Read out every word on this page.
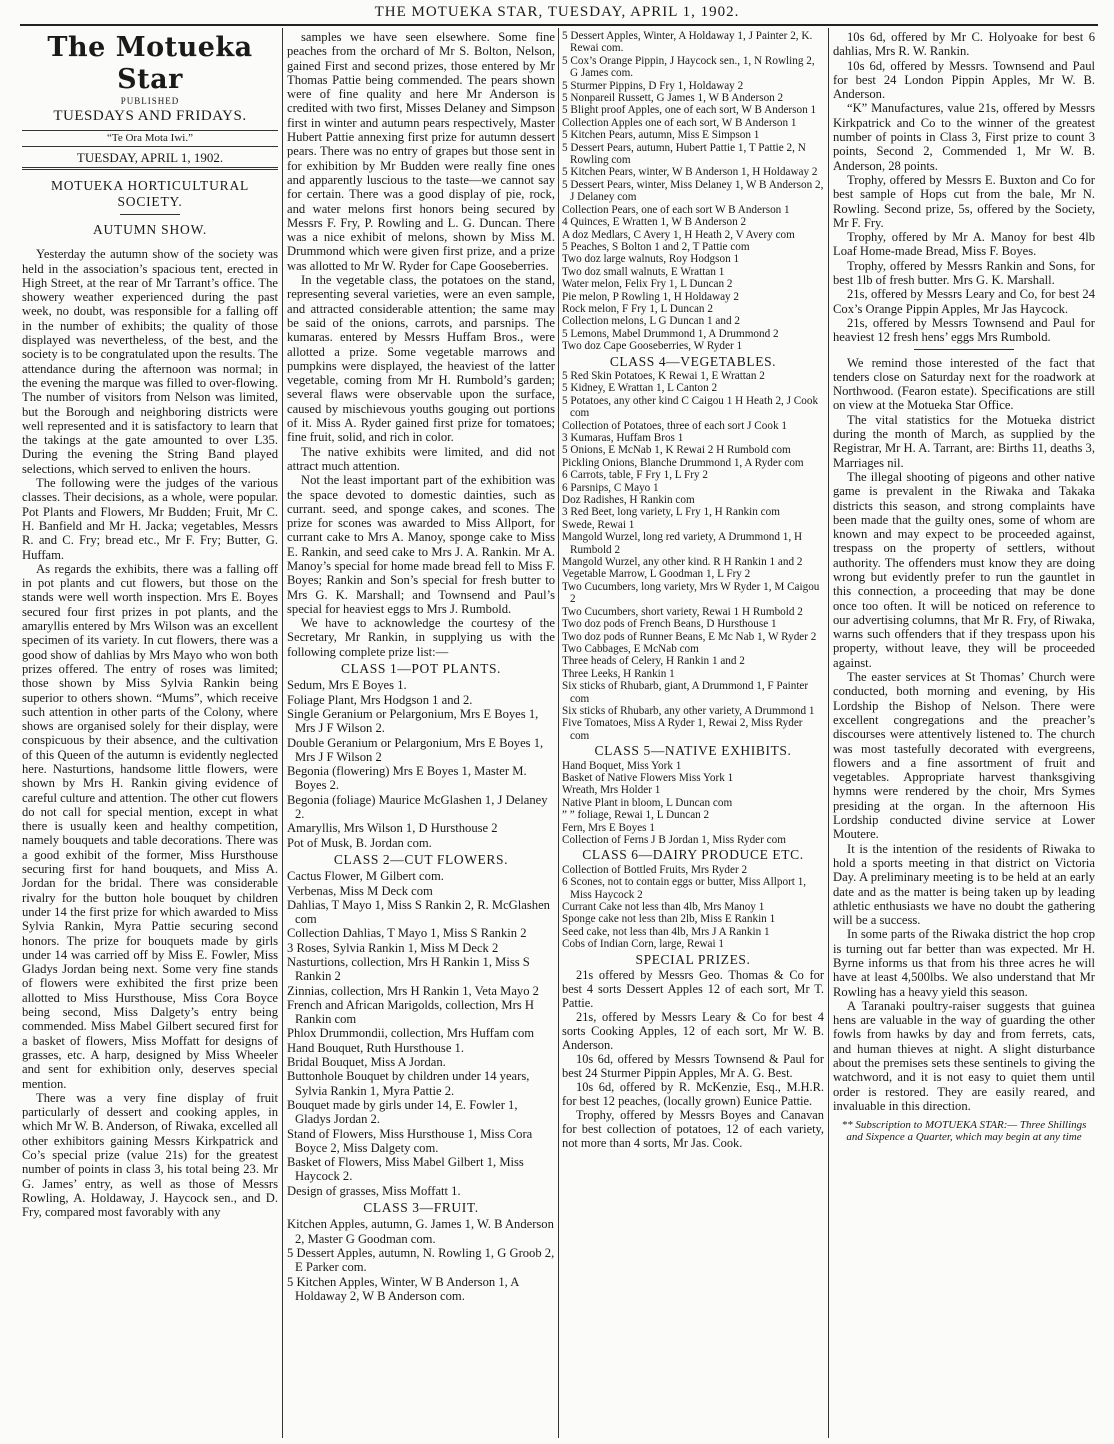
THE MOTUEKA STAR, TUESDAY, APRIL 1, 1902.
The Motueka Star
PUBLISHED
TUESDAYS AND FRIDAYS.
“Te Ora Mota Iwi.”
TUESDAY, APRIL 1, 1902.
MOTUEKA HORTICULTURAL SOCIETY.
AUTUMN SHOW.

Yesterday the autumn show of the society was held in the association’s spacious tent, erected in High Street, at the rear of Mr Tarrant’s office. The showery weather experienced during the past week, no doubt, was responsible for a falling off in the number of exhibits; the quality of those displayed was nevertheless, of the best, and the society is to be congratulated upon the results. The attendance during the afternoon was normal; in the evening the marque was filled to over-flowing. The number of visitors from Nelson was limited, but the Borough and neighboring districts were well represented and it is satisfactory to learn that the takings at the gate amounted to over L35. During the evening the String Band played selections, which served to enliven the hours.

The following were the judges of the various classes. Their decisions, as a whole, were popular. Pot Plants and Flowers, Mr Budden; Fruit, Mr C. H. Banfield and Mr H. Jacka; vegetables, Messrs R. and C. Fry; bread etc., Mr F. Fry; Butter, G. Huffam.

As regards the exhibits, there was a falling off in pot plants and cut flowers, but those on the stands were well worth inspection. Mrs E. Boyes secured four first prizes in pot plants, and the amaryllis entered by Mrs Wilson was an excellent specimen of its variety. In cut flowers, there was a good show of dahlias by Mrs Mayo who won both prizes offered. The entry of roses was limited; those shown by Miss Sylvia Rankin being superior to others shown. “Mums”, which receive such attention in other parts of the Colony, where shows are organised solely for their display, were conspicuous by their absence, and the cultivation of this Queen of the autumn is evidently neglected here. Nasturtions, handsome little flowers, were shown by Mrs H. Rankin giving evidence of careful culture and attention. The other cut flowers do not call for special mention, except in what there is usually keen and healthy competition, namely bouquets and table decorations. There was a good exhibit of the former, Miss Hursthouse securing first for hand bouquets, and Miss A. Jordan for the bridal. There was considerable rivalry for the button hole bouquet by children under 14 the first prize for which awarded to Miss Sylvia Rankin, Myra Pattie securing second honors. The prize for bouquets made by girls under 14 was carried off by Miss E. Fowler, Miss Gladys Jordan being next. Some very fine stands of flowers were exhibited the first prize been allotted to Miss Hursthouse, Miss Cora Boyce being second, Miss Dalgety’s entry being commended. Miss Mabel Gilbert secured first for a basket of flowers, Miss Moffatt for designs of grasses, etc. A harp, designed by Miss Wheeler and sent for exhibition only, deserves special mention.

There was a very fine display of fruit particularly of dessert and cooking apples, in which Mr W. B. Anderson, of Riwaka, excelled all other exhibitors gaining Messrs Kirkpatrick and Co’s special prize (value 21s) for the greatest number of points in class 3, his total being 23. Mr G. James’ entry, as well as those of Messrs Rowling, A. Holdaway, J. Haycock sen., and D. Fry, compared most favorably with any

samples we have seen elsewhere. Some fine peaches from the orchard of Mr S. Bolton, Nelson, gained First and second prizes, those entered by Mr Thomas Pattie being commended. The pears shown were of fine quality and here Mr Anderson is credited with two first, Misses Delaney and Simpson first in winter and autumn pears respectively, Master Hubert Pattie annexing first prize for autumn dessert pears. There was no entry of grapes but those sent in for exhibition by Mr Budden were really fine ones and apparently luscious to the taste—we cannot say for certain. There was a good display of pie, rock, and water melons first honors being secured by Messrs F. Fry, P. Rowling and L. G. Duncan. There was a nice exhibit of melons, shown by Miss M. Drummond which were given first prize, and a prize was allotted to Mr W. Ryder for Cape Gooseberries.

In the vegetable class, the potatoes on the stand, representing several varieties, were an even sample, and attracted considerable attention; the same may be said of the onions, carrots, and parsnips. The kumaras. entered by Messrs Huffam Bros., were allotted a prize. Some vegetable marrows and pumpkins were displayed, the heaviest of the latter vegetable, coming from Mr H. Rumbold’s garden; several flaws were observable upon the surface, caused by mischievous youths gouging out portions of it. Miss A. Ryder gained first prize for tomatoes; fine fruit, solid, and rich in color.

The native exhibits were limited, and did not attract much attention.

Not the least important part of the exhibition was the space devoted to domestic dainties, such as currant. seed, and sponge cakes, and scones. The prize for scones was awarded to Miss Allport, for currant cake to Mrs A. Manoy, sponge cake to Miss E. Rankin, and seed cake to Mrs J. A. Rankin. Mr A. Manoy’s special for home made bread fell to Miss F. Boyes; Rankin and Son’s special for fresh butter to Mrs G. K. Marshall; and Townsend and Paul’s special for heaviest eggs to Mrs J. Rumbold.

We have to acknowledge the courtesy of the Secretary, Mr Rankin, in supplying us with the following complete prize list:—

CLASS 1—POT PLANTS.

Sedum, Mrs E Boyes 1.

Foliage Plant, Mrs Hodgson 1 and 2.

Single Geranium or Pelargonium, Mrs E Boyes 1, Mrs J F Wilson 2.

Double Geranium or Pelargonium, Mrs E Boyes 1, Mrs J F Wilson 2

Begonia (flowering) Mrs E Boyes 1, Master M. Boyes 2.

Begonia (foliage) Maurice McGlashen 1, J Delaney 2.

Amaryllis, Mrs Wilson 1, D Hursthouse 2

Pot of Musk, B. Jordan com.

CLASS 2—CUT FLOWERS.

Cactus Flower, M Gilbert com.

Verbenas, Miss M Deck com

Dahlias, T Mayo 1, Miss S Rankin 2, R. McGlashen com

Collection Dahlias, T Mayo 1, Miss S Rankin 2

3 Roses, Sylvia Rankin 1, Miss M Deck 2

Nasturtions, collection, Mrs H Rankin 1, Miss S Rankin 2

Zinnias, collection, Mrs H Rankin 1, Veta Mayo 2

French and African Marigolds, collection, Mrs H Rankin com

Phlox Drummondii, collection, Mrs Huffam com

Hand Bouquet, Ruth Hursthouse 1.

Bridal Bouquet, Miss A Jordan.

Buttonhole Bouquet by children under 14 years, Sylvia Rankin 1, Myra Pattie 2.

Bouquet made by girls under 14, E. Fowler 1, Gladys Jordan 2.

Stand of Flowers, Miss Hursthouse 1, Miss Cora Boyce 2, Miss Dalgety com.

Basket of Flowers, Miss Mabel Gilbert 1, Miss Haycock 2.

Design of grasses, Miss Moffatt 1.

CLASS 3—FRUIT.

Kitchen Apples, autumn, G. James 1, W. B Anderson 2, Master G Goodman com.

5 Dessert Apples, autumn, N. Rowling 1, G Groob 2, E Parker com.

5 Kitchen Apples, Winter, W B Anderson 1, A Holdaway 2, W B Anderson com.

5 Dessert Apples, Winter, A Holdaway 1, J Painter 2, K. Rewai com.

5 Cox’s Orange Pippin, J Haycock sen., 1, N Rowling 2, G James com.

5 Sturmer Pippins, D Fry 1, Holdaway 2

5 Nonpareil Russett, G James 1, W B Anderson 2

5 Blight proof Apples, one of each sort, W B Anderson 1

Collection Apples one of each sort, W B Anderson 1

5 Kitchen Pears, autumn, Miss E Simpson 1

5 Dessert Pears, autumn, Hubert Pattie 1, T Pattie 2, N Rowling com

5 Kitchen Pears, winter, W B Anderson 1, H Holdaway 2

5 Dessert Pears, winter, Miss Delaney 1, W B Anderson 2, J Delaney com

Collection Pears, one of each sort W B Anderson 1

4 Quinces, E Wratten 1, W B Anderson 2

A doz Medlars, C Avery 1, H Heath 2, V Avery com

5 Peaches, S Bolton 1 and 2, T Pattie com

Two doz large walnuts, Roy Hodgson 1

Two doz small walnuts, E Wrattan 1

Water melon, Felix Fry 1, L Duncan 2

Pie melon, P Rowling 1, H Holdaway 2

Rock melon, F Fry 1, L Duncan 2

Collection melons, L G Duncan 1 and 2

5 Lemons, Mabel Drummond 1, A Drummond 2

Two doz Cape Gooseberries, W Ryder 1

CLASS 4—VEGETABLES.

5 Red Skin Potatoes, K Rewai 1, E Wrattan 2

5 Kidney, E Wrattan 1, L Canton 2

5 Potatoes, any other kind C Caigou 1 H Heath 2, J Cook com

Collection of Potatoes, three of each sort J Cook 1

3 Kumaras, Huffam Bros 1

5 Onions, E McNab 1, K Rewai 2 H Rumbold com

Pickling Onions, Blanche Drummond 1, A Ryder com

6 Carrots, table, F Fry 1, L Fry 2

6 Parsnips, C Mayo 1

Doz Radishes, H Rankin com

3 Red Beet, long variety, L Fry 1, H Rankin com

Swede, Rewai 1

Mangold Wurzel, long red variety, A Drummond 1, H Rumbold 2

Mangold Wurzel, any other kind. R H Rankin 1 and 2

Vegetable Marrow, L Goodman 1, L Fry 2

Two Cucumbers, long variety, Mrs W Ryder 1, M Caigou 2

Two Cucumbers, short variety, Rewai 1 H Rumbold 2

Two doz pods of French Beans, D Hursthouse 1

Two doz pods of Runner Beans, E Mc Nab 1, W Ryder 2

Two Cabbages, E McNab com

Three heads of Celery, H Rankin 1 and 2

Three Leeks, H Rankin 1

Six sticks of Rhubarb, giant, A Drummond 1, F Painter com

Six sticks of Rhubarb, any other variety, A Drummond 1

Five Tomatoes, Miss A Ryder 1, Rewai 2, Miss Ryder com

CLASS 5—NATIVE EXHIBITS.

Hand Boquet, Miss York 1

Basket of Native Flowers Miss York 1

Wreath, Mrs Holder 1

Native Plant in bloom, L Duncan com

” ” foliage, Rewai 1, L Duncan 2

Fern, Mrs E Boyes 1

Collection of Ferns J B Jordan 1, Miss Ryder com

CLASS 6—DAIRY PRODUCE ETC.

Collection of Bottled Fruits, Mrs Ryder 2

6 Scones, not to contain eggs or butter, Miss Allport 1, Miss Haycock 2

Currant Cake not less than 4lb, Mrs Manoy 1

Sponge cake not less than 2lb, Miss E Rankin 1

Seed cake, not less than 4lb, Mrs J A Rankin 1

Cobs of Indian Corn, large, Rewai 1

SPECIAL PRIZES.

21s offered by Messrs Geo. Thomas & Co for best 4 sorts Dessert Apples 12 of each sort, Mr T. Pattie.

21s, offered by Messrs Leary & Co for best 4 sorts Cooking Apples, 12 of each sort, Mr W. B. Anderson.

10s 6d, offered by Messrs Townsend & Paul for best 24 Sturmer Pippin Apples, Mr A. G. Best.

10s 6d, offered by R. McKenzie, Esq., M.H.R. for best 12 peaches, (locally grown) Eunice Pattie.

Trophy, offered by Messrs Boyes and Canavan for best collection of potatoes, 12 of each variety, not more than 4 sorts, Mr Jas. Cook.

10s 6d, offered by Mr C. Holyoake for best 6 dahlias, Mrs R. W. Rankin.

10s 6d, offered by Messrs. Townsend and Paul for best 24 London Pippin Apples, Mr W. B. Anderson.

“K” Manufactures, value 21s, offered by Messrs Kirkpatrick and Co to the winner of the greatest number of points in Class 3, First prize to count 3 points, Second 2, Commended 1, Mr W. B. Anderson, 28 points.

Trophy, offered by Messrs E. Buxton and Co for best sample of Hops cut from the bale, Mr N. Rowling. Second prize, 5s, offered by the Society, Mr F. Fry.

Trophy, offered by Mr A. Manoy for best 4lb Loaf Home-made Bread, Miss F. Boyes.

Trophy, offered by Messrs Rankin and Sons, for best 1lb of fresh butter. Mrs G. K. Marshall.

21s, offered by Messrs Leary and Co, for best 24 Cox’s Orange Pippin Apples, Mr Jas Haycock.

21s, offered by Messrs Townsend and Paul for heaviest 12 fresh hens’ eggs Mrs Rumbold.

We remind those interested of the fact that tenders close on Saturday next for the roadwork at Northwood. (Fearon estate). Specifications are still on view at the Motueka Star Office.

The vital statistics for the Motueka district during the month of March, as supplied by the Registrar, Mr H. A. Tarrant, are: Births 11, deaths 3, Marriages nil.

The illegal shooting of pigeons and other native game is prevalent in the Riwaka and Takaka districts this season, and strong complaints have been made that the guilty ones, some of whom are known and may expect to be proceeded against, trespass on the property of settlers, without authority. The offenders must know they are doing wrong but evidently prefer to run the gauntlet in this connection, a proceeding that may be done once too often. It will be noticed on reference to our advertising columns, that Mr R. Fry, of Riwaka, warns such offenders that if they trespass upon his property, without leave, they will be proceeded against.

The easter services at St Thomas’ Church were conducted, both morning and evening, by His Lordship the Bishop of Nelson. There were excellent congregations and the preacher’s discourses were attentively listened to. The church was most tastefully decorated with evergreens, flowers and a fine assortment of fruit and vegetables. Appropriate harvest thanksgiving hymns were rendered by the choir, Mrs Symes presiding at the organ. In the afternoon His Lordship conducted divine service at Lower Moutere.

It is the intention of the residents of Riwaka to hold a sports meeting in that district on Victoria Day. A preliminary meeting is to be held at an early date and as the matter is being taken up by leading athletic enthusiasts we have no doubt the gathering will be a success.

In some parts of the Riwaka district the hop crop is turning out far better than was expected. Mr H. Byrne informs us that from his three acres he will have at least 4,500lbs. We also understand that Mr Rowling has a heavy yield this season.

A Taranaki poultry-raiser suggests that guinea hens are valuable in the way of guarding the other fowls from hawks by day and from ferrets, cats, and human thieves at night. A slight disturbance about the premises sets these sentinels to giving the watchword, and it is not easy to quiet them until order is restored. They are easily reared, and invaluable in this direction.

** Subscription to MOTUEKA STAR:— Three Shillings and Sixpence a Quarter, which may begin at any time
